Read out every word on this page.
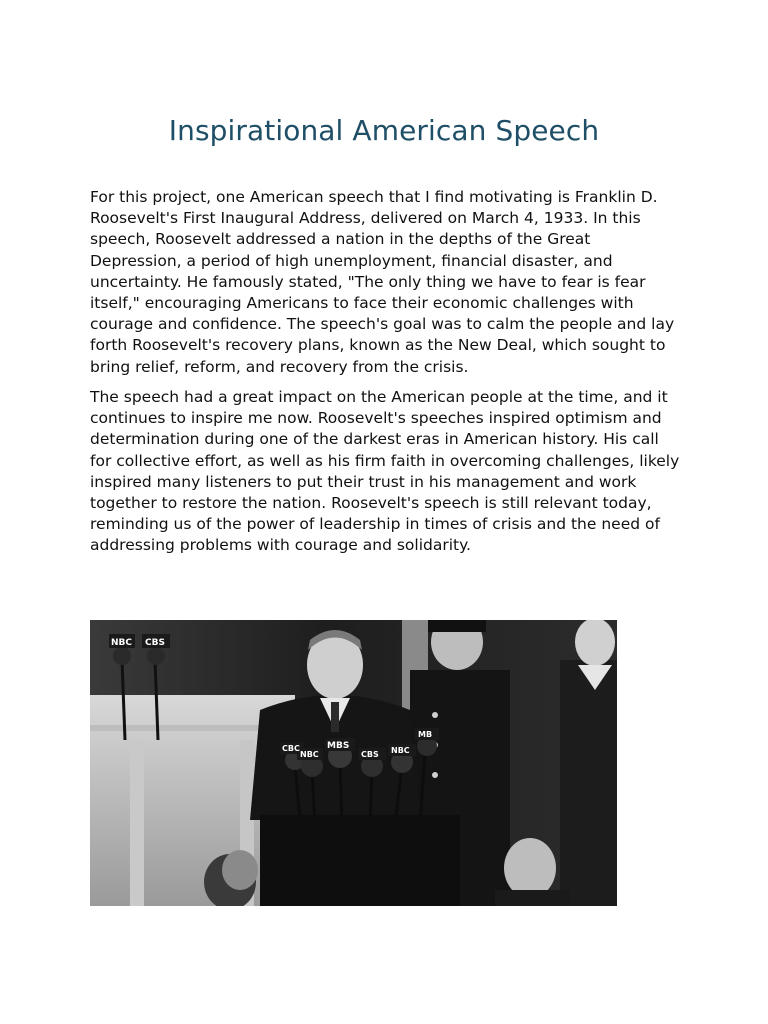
Inspirational American Speech

For this project, one American speech that I find motivating is Franklin D. Roosevelt's First Inaugural Address, delivered on March 4, 1933. In this speech, Roosevelt addressed a nation in the depths of the Great Depression, a period of high unemployment, financial disaster, and uncertainty. He famously stated, "The only thing we have to fear is fear itself," encouraging Americans to face their economic challenges with courage and confidence. The speech's goal was to calm the people and lay forth Roosevelt's recovery plans, known as the New Deal, which sought to bring relief, reform, and recovery from the crisis.

The speech had a great impact on the American people at the time, and it continues to inspire me now. Roosevelt's speeches inspired optimism and determination during one of the darkest eras in American history. His call for collective effort, as well as his firm faith in overcoming challenges, likely inspired many listeners to put their trust in his management and work together to restore the nation. Roosevelt's speech is still relevant today, reminding us of the power of leadership in times of crisis and the need of addressing problems with courage and solidarity.

NBC CBS
CBC
NBC
MBS
CBS NBC
MB
